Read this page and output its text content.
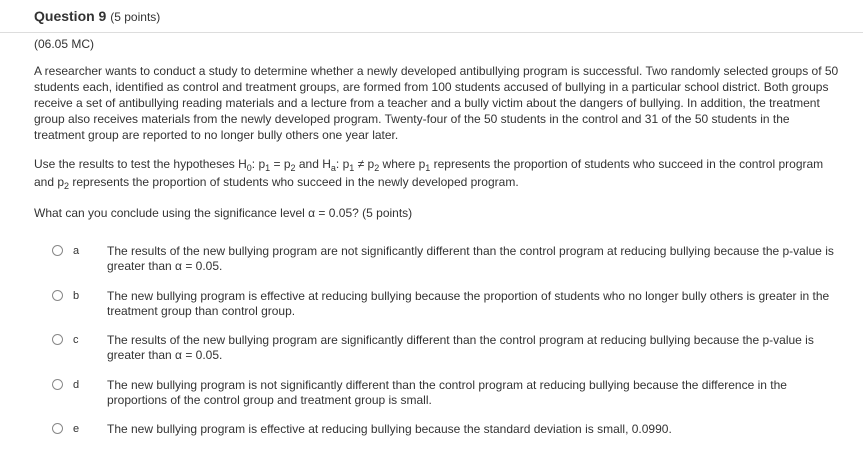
Question 9 (5 points)
(06.05 MC)
A researcher wants to conduct a study to determine whether a newly developed antibullying program is successful. Two randomly selected groups of 50 students each, identified as control and treatment groups, are formed from 100 students accused of bullying in a particular school district. Both groups receive a set of antibullying reading materials and a lecture from a teacher and a bully victim about the dangers of bullying. In addition, the treatment group also receives materials from the newly developed program. Twenty-four of the 50 students in the control and 31 of the 50 students in the treatment group are reported to no longer bully others one year later.
Use the results to test the hypotheses $H_0$: $p_1 = p_2$ and $H_a$: $p_1 \ne p_2$ where $p_1$ represents the proportion of students who succeed in the control program and $p_2$ represents the proportion of students who succeed in the newly developed program.
What can you conclude using the significance level α = 0.05? (5 points)
a The results of the new bullying program are not significantly different than the control program at reducing bullying because the p-value is greater than α = 0.05.
b The new bullying program is effective at reducing bullying because the proportion of students who no longer bully others is greater in the treatment group than control group.
c The results of the new bullying program are significantly different than the control program at reducing bullying because the p-value is greater than α = 0.05.
d The new bullying program is not significantly different than the control program at reducing bullying because the difference in the proportions of the control group and treatment group is small.
e The new bullying program is effective at reducing bullying because the standard deviation is small, 0.0990.
